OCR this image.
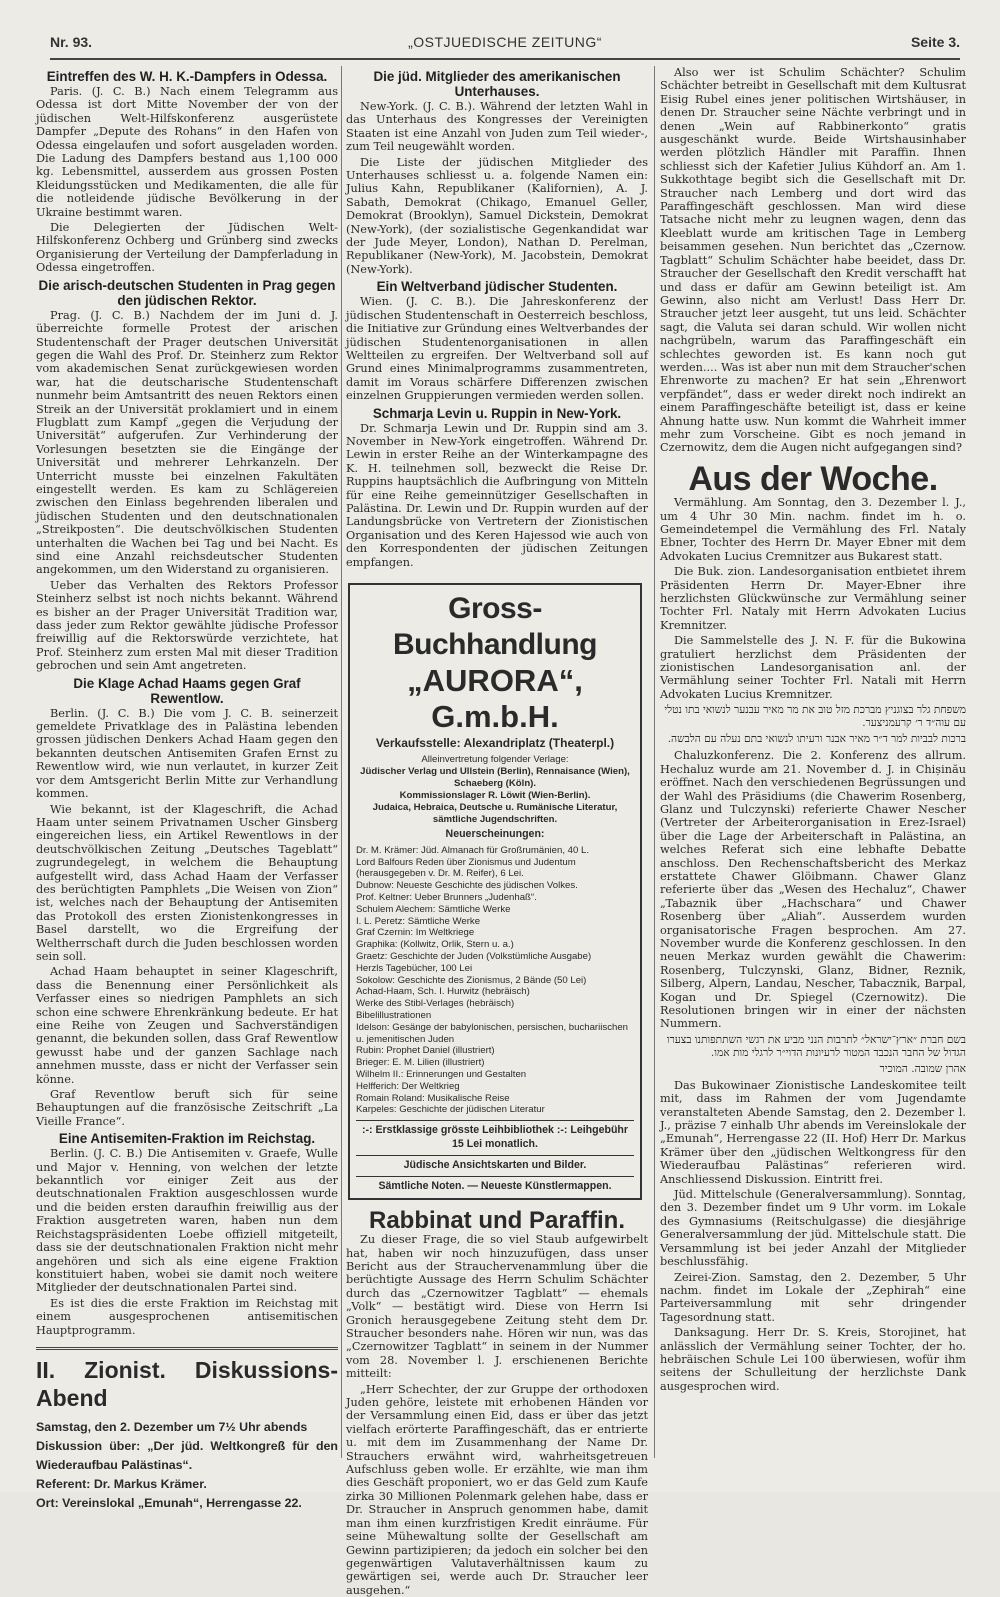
Nr. 93.	„OSTJUEDISCHE ZEITUNG“	Seite 3.
Eintreffen des W. H. K.-Dampfers in Odessa.

Paris. (J. C. B.) Nach einem Telegramm aus Odessa ist dort Mitte November der von der jüdischen Welt-Hilfskonferenz ausgerüstete Dampfer „Depute des Rohans“ in den Hafen von Odessa eingelaufen und sofort ausgeladen worden. Die Ladung des Dampfers bestand aus 1,100 000 kg. Lebensmittel, ausserdem aus grossen Posten Kleidungsstücken und Medikamenten, die alle für die notleidende jüdische Bevölkerung in der Ukraine bestimmt waren.

Die Delegierten der Jüdischen Welt-Hilfskonferenz Ochberg und Grünberg sind zwecks Organisierung der Verteilung der Dampferladung in Odessa eingetroffen.

Die arisch-deutschen Studenten in Prag gegen den jüdischen Rektor.

Prag. (J. C. B.) Nachdem der im Juni d. J. überreichte formelle Protest der arischen Studentenschaft der Prager deutschen Universität gegen die Wahl des Prof. Dr. Steinherz zum Rektor vom akademischen Senat zurückgewiesen worden war, hat die deutscharische Studentenschaft nunmehr beim Amtsantritt des neuen Rektors einen Streik an der Universität proklamiert und in einem Flugblatt zum Kampf „gegen die Verjudung der Universität“ aufgerufen. Zur Verhinderung der Vorlesungen besetzten sie die Eingänge der Universität und mehrerer Lehrkanzeln. Der Unterricht musste bei einzelnen Fakultäten eingestellt werden. Es kam zu Schlägereien zwischen den Einlass begehrenden liberalen und jüdischen Studenten und den deutschnationalen „Streikposten“. Die deutschvölkischen Studenten unterhalten die Wachen bei Tag und bei Nacht. Es sind eine Anzahl reichsdeutscher Studenten angekommen, um den Widerstand zu organisieren.

Ueber das Verhalten des Rektors Professor Steinherz selbst ist noch nichts bekannt. Während es bisher an der Prager Universität Tradition war, dass jeder zum Rektor gewählte jüdische Professor freiwillig auf die Rektorswürde verzichtete, hat Prof. Steinherz zum ersten Mal mit dieser Tradition gebrochen und sein Amt angetreten.

Die Klage Achad Haams gegen Graf Rewentlow.

Berlin. (J. C. B.) Die vom J. C. B. seinerzeit gemeldete Privatklage des in Palästina lebenden grossen jüdischen Denkers Achad Haam gegen den bekannten deutschen Antisemiten Grafen Ernst zu Rewentlow wird, wie nun verlautet, in kurzer Zeit vor dem Amtsgericht Berlin Mitte zur Verhandlung kommen.

Wie bekannt, ist der Klageschrift, die Achad Haam unter seinem Privatnamen Uscher Ginsberg eingereichen liess, ein Artikel Rewentlows in der deutschvölkischen Zeitung „Deutsches Tageblatt“ zugrundegelegt, in welchem die Behauptung aufgestellt wird, dass Achad Haam der Verfasser des berüchtigten Pamphlets „Die Weisen von Zion“ ist, welches nach der Behauptung der Antisemiten das Protokoll des ersten Zionistenkongresses in Basel darstellt, wo die Ergreifung der Weltherrschaft durch die Juden beschlossen worden sein soll.

Achad Haam behauptet in seiner Klageschrift, dass die Benennung einer Persönlichkeit als Verfasser eines so niedrigen Pamphlets an sich schon eine schwere Ehrenkränkung bedeute. Er hat eine Reihe von Zeugen und Sachverständigen genannt, die bekunden sollen, dass Graf Rewentlow gewusst habe und der ganzen Sachlage nach annehmen musste, dass er nicht der Verfasser sein könne.

Graf Reventlow beruft sich für seine Behauptungen auf die französische Zeitschrift „La Vieille France“.

Eine Antisemiten-Fraktion im Reichstag.

Berlin. (J. C. B.) Die Antisemiten v. Graefe, Wulle und Major v. Henning, von welchen der letzte bekanntlich vor einiger Zeit aus der deutschnationalen Fraktion ausgeschlossen wurde und die beiden ersten daraufhin freiwillig aus der Fraktion ausgetreten waren, haben nun dem Reichstagspräsidenten Loebe offiziell mitgeteilt, dass sie der deutschnationalen Fraktion nicht mehr angehören und sich als eine eigene Fraktion konstituiert haben, wobei sie damit noch weitere Mitglieder der deutschnationalen Partei sind.

Es ist dies die erste Fraktion im Reichstag mit einem ausgesprochenen antisemitischen Hauptprogramm.

II. Zionist. Diskussions-Abend
Samstag, den 2. Dezember um 7½ Uhr abends
Diskussion über: „Der jüd. Weltkongreß für den Wiederaufbau Palästinas“.
Referent: Dr. Markus Krämer.
Ort: Vereinslokal „Emunah“, Herrengasse 22.
Die jüd. Mitglieder des amerikanischen Unterhauses.

New-York. (J. C. B.). Während der letzten Wahl in das Unterhaus des Kongresses der Vereinigten Staaten ist eine Anzahl von Juden zum Teil wieder-, zum Teil neugewählt worden.

Die Liste der jüdischen Mitglieder des Unterhauses schliesst u. a. folgende Namen ein: Julius Kahn, Republikaner (Kalifornien), A. J. Sabath, Demokrat (Chikago, Emanuel Geller, Demokrat (Brooklyn), Samuel Dickstein, Demokrat (New-York), (der sozialistische Gegenkandidat war der Jude Meyer, London), Nathan D. Perelman, Republikaner (New-York), M. Jacobstein, Demokrat (New-York).

Ein Weltverband jüdischer Studenten.

Wien. (J. C. B.). Die Jahreskonferenz der jüdischen Studentenschaft in Oesterreich beschloss, die Initiative zur Gründung eines Weltverbandes der jüdischen Studentenorganisationen in allen Weltteilen zu ergreifen. Der Weltverband soll auf Grund eines Minimalprogramms zusammentreten, damit im Voraus schärfere Differenzen zwischen einzelnen Gruppierungen vermieden werden sollen.

Schmarja Levin u. Ruppin in New-York.

Dr. Schmarja Lewin und Dr. Ruppin sind am 3. November in New-York eingetroffen. Während Dr. Lewin in erster Reihe an der Winterkampagne des K. H. teilnehmen soll, bezweckt die Reise Dr. Ruppins hauptsächlich die Aufbringung von Mitteln für eine Reihe gemeinnütziger Gesellschaften in Palästina. Dr. Lewin und Dr. Ruppin wurden auf der Landungsbrücke von Vertretern der Zionistischen Organisation und des Keren Hajessod wie auch von den Korrespondenten der jüdischen Zeitungen empfangen.

Gross-Buchhandlung
„AURORA“, G.m.b.H.
Verkaufsstelle: Alexandriplatz (Theaterpl.)
Alleinvertretung folgender Verlage:
Jüdischer Verlag und Ullstein (Berlin), Rennaisance (Wien), Schaeberg (Köln).
Kommissionslager R. Löwit (Wien-Berlin).
Judaica, Hebraica, Deutsche u. Rumänische Literatur, sämtliche Jugendschriften.
Neuerscheinungen:
Dr. M. Krämer: Jüd. Almanach für Großrumänien, 40 L.
Lord Balfours Reden über Zionismus und Judentum (herausgegeben v. Dr. M. Reifer), 6 Lei.
Dubnow: Neueste Geschichte des jüdischen Volkes.
Prof. Keltner: Ueber Brunners „Judenhaß“.
Schulem Alechem: Sämtliche Werke
I. L. Peretz: Sämtliche Werke
Graf Czernin: Im Weltkriege
Graphika: (Kollwitz, Orlik, Stern u. a.)
Graetz: Geschichte der Juden (Volkstümliche Ausgabe)
Herzls Tagebücher, 100 Lei
Sokolow: Geschichte des Zionismus, 2 Bände (50 Lei)
Achad-Haam, Sch. I. Hurwitz (hebräisch)
Werke des Stibl-Verlages (hebräisch)
Bibelillustrationen
Idelson: Gesänge der babylonischen, persischen, buchariischen u. jemenitischen Juden
Rubin: Prophet Daniel (illustriert)
Brieger: E. M. Lilien (illustriert)
Wilhelm II.: Erinnerungen und Gestalten
Helfferich: Der Weltkrieg
Romain Roland: Musikalische Reise
Karpeles: Geschichte der jüdischen Literatur
:-: Erstklassige grösste Leihbibliothek :-: Leihgebühr 15 Lei monatlich.
Jüdische Ansichtskarten und Bilder.
Sämtliche Noten. — Neueste Künstlermappen.
Rabbinat und Paraffin.

Zu dieser Frage, die so viel Staub aufgewirbelt hat, haben wir noch hinzuzufügen, dass unser Bericht aus der Strauchervenammlung über die berüchtigte Aussage des Herrn Schulim Schächter durch das „Czernowitzer Tagblatt“ — ehemals „Volk“ — bestätigt wird. Diese von Herrn Isi Gronich herausgegebene Zeitung steht dem Dr. Straucher besonders nahe. Hören wir nun, was das „Czernowitzer Tagblatt“ in seinem in der Nummer vom 28. November l. J. erschienenen Berichte mitteilt:

„Herr Schechter, der zur Gruppe der orthodoxen Juden gehöre, leistete mit erhobenen Händen vor der Versammlung einen Eid, dass er über das jetzt vielfach erörterte Paraffingeschäft, das er entrierte u. mit dem im Zusammenhang der Name Dr. Strauchers erwähnt wird, wahrheitsgetreuen Aufschluss geben wolle. Er erzählte, wie man ihm dies Geschäft proponiert, wo er das Geld zum Kaufe zirka 30 Millionen Polenmark gelehen habe, dass er Dr. Straucher in Anspruch genommen habe, damit man ihm einen kurzfristigen Kredit einräume. Für seine Mühewaltung sollte der Gesellschaft am Gewinn partizipieren; da jedoch ein solcher bei den gegenwärtigen Valutaverhältnissen kaum zu gewärtigen sei, werde auch Dr. Straucher leer ausgehen.“

Also wer ist Schulim Schächter? Schulim Schächter betreibt in Gesellschaft mit dem Kultusrat Eisig Rubel eines jener politischen Wirtshäuser, in denen Dr. Straucher seine Nächte verbringt und in denen „Wein auf Rabbinerkonto“ gratis ausgeschänkt wurde. Beide Wirtshausinhaber werden plötzlich Händler mit Paraffin. Ihnen schliesst sich der Kafetier Julius Kühdorf an. Am 1. Sukkothtage begibt sich die Gesellschaft mit Dr. Straucher nach Lemberg und dort wird das Paraffingeschäft geschlossen. Man wird diese Tatsache nicht mehr zu leugnen wagen, denn das Kleeblatt wurde am kritischen Tage in Lemberg beisammen gesehen. Nun berichtet das „Czernow. Tagblatt“ Schulim Schächter habe beeidet, dass Dr. Straucher der Gesellschaft den Kredit verschafft hat und dass er dafür am Gewinn beteiligt ist. Am Gewinn, also nicht am Verlust! Dass Herr Dr. Straucher jetzt leer ausgeht, tut uns leid. Schächter sagt, die Valuta sei daran schuld. Wir wollen nicht nachgrübeln, warum das Paraffingeschäft ein schlechtes geworden ist. Es kann noch gut werden.... Was ist aber nun mit dem Straucher'schen Ehrenworte zu machen? Er hat sein „Ehrenwort verpfändet“, dass er weder direkt noch indirekt an einem Paraffingeschäfte beteiligt ist, dass er keine Ahnung hatte usw. Nun kommt die Wahrheit immer mehr zum Vorscheine. Gibt es noch jemand in Czernowitz, dem die Augen nicht aufgegangen sind?

Aus der Woche.

Vermählung. Am Sonntag, den 3. Dezember l. J., um 4 Uhr 30 Min. nachm. findet im h. o. Gemeindetempel die Vermählung des Frl. Nataly Ebner, Tochter des Herrn Dr. Mayer Ebner mit dem Advokaten Lucius Cremnitzer aus Bukarest statt.

Die Buk. zion. Landesorganisation entbietet ihrem Präsidenten Herrn Dr. Mayer-Ebner ihre herzlichsten Glückwünsche zur Vermählung seiner Tochter Frl. Nataly mit Herrn Advokaten Lucius Kremnitzer.

Die Sammelstelle des J. N. F. für die Bukowina gratuliert herzlichst dem Präsidenten der zionistischen Landesorganisation anl. der Vermählung seiner Tochter Frl. Natali mit Herrn Advokaten Lucius Kremnitzer.

משפחת גלר בצוגניץ מברכת מזל טוב את מר מאיר עבנער לנשואי בתו נטלי עם עוה״ד ר׳ קרעמניצער.
ברכות לבביות למר ד״ר מאיר אבנר ורעיתו לנשואי בתם נעלה עם הלבשה.

Chaluzkonferenz. Die 2. Konferenz des allrum. Hechaluz wurde am 21. November d. J. in Chișinău eröffnet. Nach den verschiedenen Begrüssungen und der Wahl des Präsidiums (die Chawerim Rosenberg, Glanz und Tulczynski) referierte Chawer Nescher (Vertreter der Arbeiterorganisation in Erez-Israel) über die Lage der Arbeiterschaft in Palästina, an welches Referat sich eine lebhafte Debatte anschloss. Den Rechenschaftsbericht des Merkaz erstattete Chawer Glöibmann. Chawer Glanz referierte über das „Wesen des Hechaluz“, Chawer „Tabaznik über „Hachschara“ und Chawer Rosenberg über „Aliah“. Ausserdem wurden organisatorische Fragen besprochen. Am 27. November wurde die Konferenz geschlossen. In den neuen Merkaz wurden gewählt die Chawerim: Rosenberg, Tulczynski, Glanz, Bidner, Reznik, Silberg, Alpern, Landau, Nescher, Tabacznik, Barpal, Kogan und Dr. Spiegel (Czernowitz). Die Resolutionen bringen wir in einer der nächsten Nummern.

בשם חברת ״ארץ־ישראל״ לתרבות הנני מביע את רגשי השתתפותנו בצערו הגדול של החבר הנכבד המטור לרעיונות הדוי״ר לרגלי מות אמו.
אהרן שמובה. המוכיר

Das Bukowinaer Zionistische Landeskomitee teilt mit, dass im Rahmen der vom Jugendamte veranstalteten Abende Samstag, den 2. Dezember l. J., präzise 7 einhalb Uhr abends im Vereinslokale der „Emunah“, Herrengasse 22 (II. Hof) Herr Dr. Markus Krämer über den „jüdischen Weltkongress für den Wiederaufbau Palästinas“ referieren wird. Anschliessend Diskussion. Eintritt frei.

Jüd. Mittelschule (Generalversammlung). Sonntag, den 3. Dezember findet um 9 Uhr vorm. im Lokale des Gymnasiums (Reitschulgasse) die diesjährige Generalversammlung der jüd. Mittelschule statt. Die Versammlung ist bei jeder Anzahl der Mitglieder beschlussfähig.

Zeirei-Zion. Samstag, den 2. Dezember, 5 Uhr nachm. findet im Lokale der „Zephirah“ eine Parteiversammlung mit sehr dringender Tagesordnung statt.

Danksagung. Herr Dr. S. Kreis, Storojinet, hat anlässlich der Vermählung seiner Tochter, der ho. hebräischen Schule Lei 100 überwiesen, wofür ihm seitens der Schulleitung der herzlichste Dank ausgesprochen wird.
